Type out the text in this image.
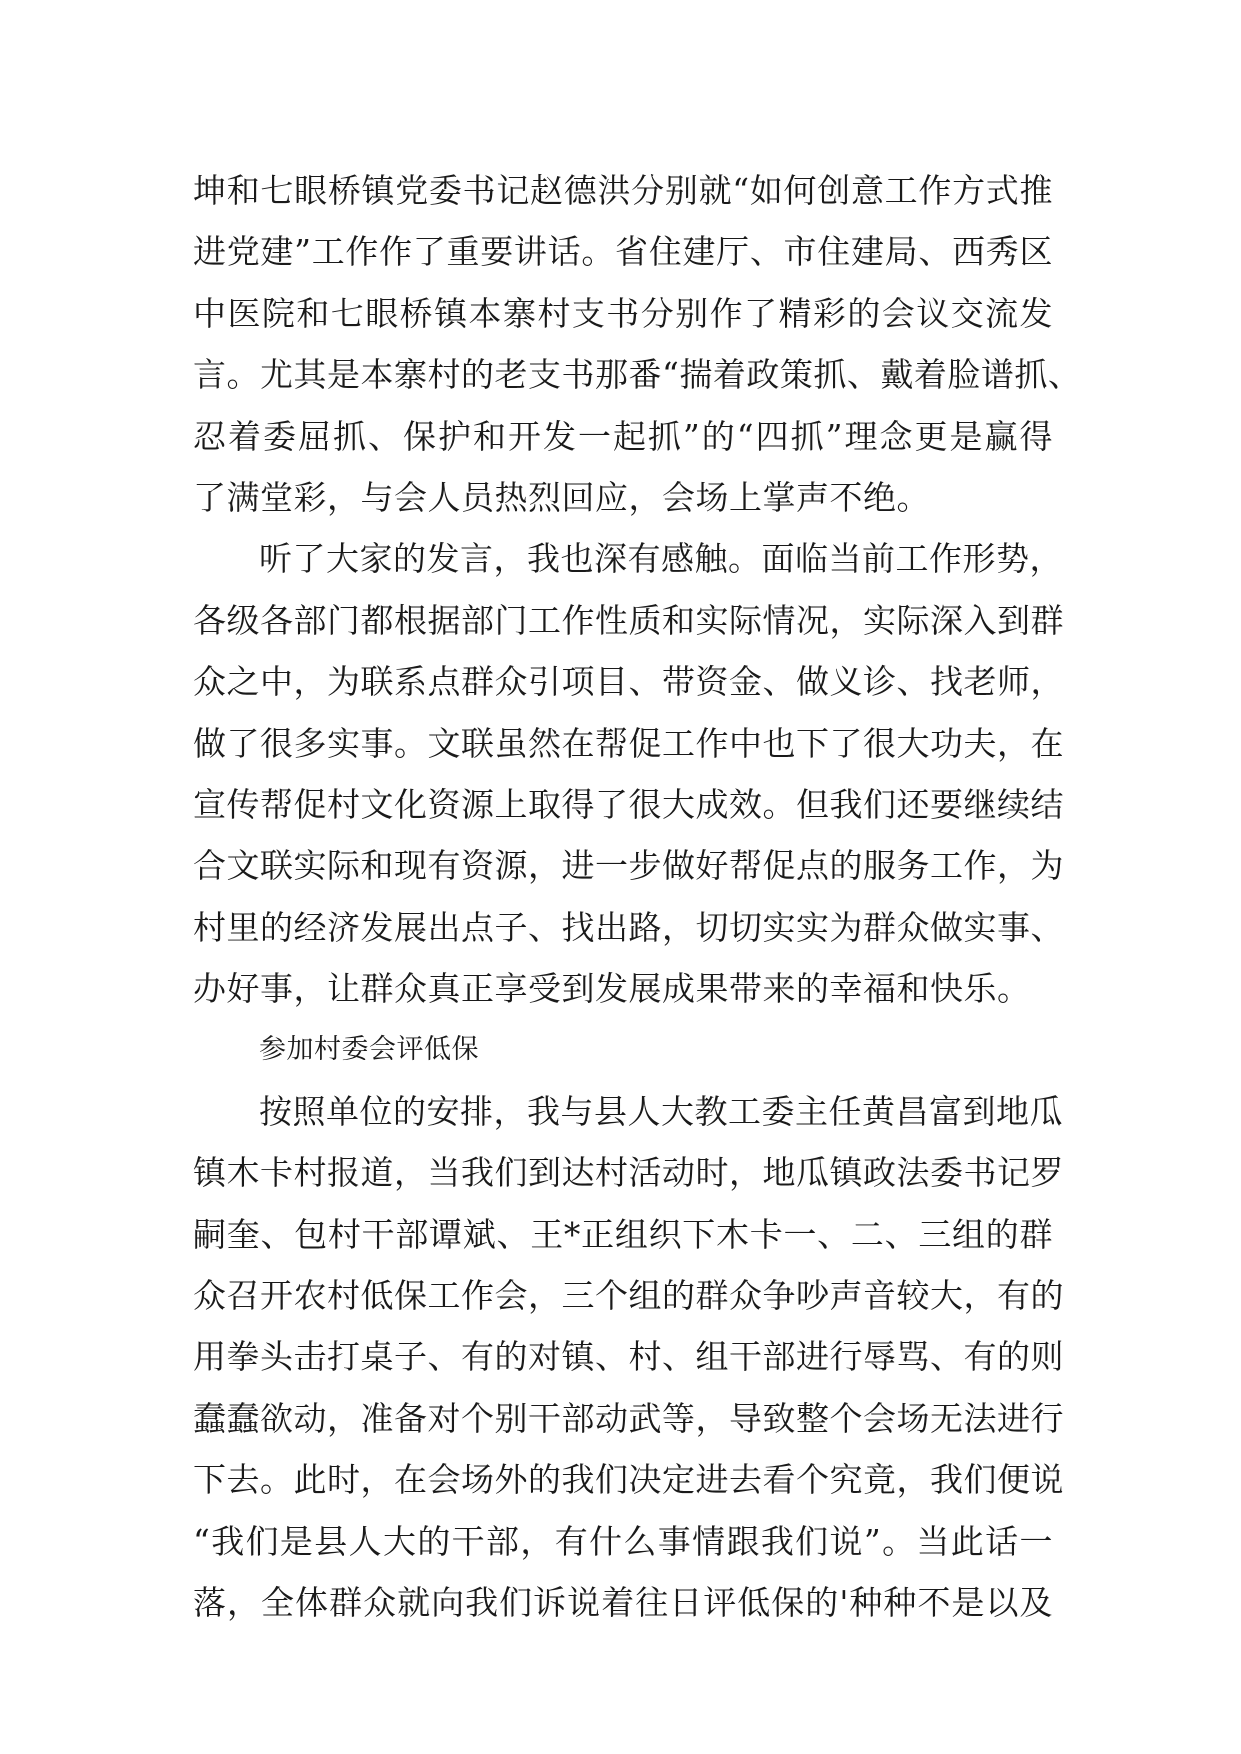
坤和七眼桥镇党委书记赵德洪分别就“如何创意工作方式推
进党建”工作作了重要讲话。省住建厅、市住建局、西秀区
中医院和七眼桥镇本寨村支书分别作了精彩的会议交流发
言。尤其是本寨村的老支书那番“揣着政策抓、戴着脸谱抓、
忍着委屈抓、保护和开发一起抓”的“四抓”理念更是赢得
了满堂彩，与会人员热烈回应，会场上掌声不绝。
听了大家的发言，我也深有感触。面临当前工作形势，
各级各部门都根据部门工作性质和实际情况，实际深入到群
众之中，为联系点群众引项目、带资金、做义诊、找老师，
做了很多实事。文联虽然在帮促工作中也下了很大功夫，在
宣传帮促村文化资源上取得了很大成效。但我们还要继续结
合文联实际和现有资源，进一步做好帮促点的服务工作，为
村里的经济发展出点子、找出路，切切实实为群众做实事、
办好事，让群众真正享受到发展成果带来的幸福和快乐。
参加村委会评低保
按照单位的安排，我与县人大教工委主任黄昌富到地瓜
镇木卡村报道，当我们到达村活动时，地瓜镇政法委书记罗
嗣奎、包村干部谭斌、王*正组织下木卡一、二、三组的群
众召开农村低保工作会，三个组的群众争吵声音较大，有的
用拳头击打桌子、有的对镇、村、组干部进行辱骂、有的则
蠢蠢欲动，准备对个别干部动武等，导致整个会场无法进行
下去。此时，在会场外的我们决定进去看个究竟，我们便说
“我们是县人大的干部，有什么事情跟我们说”。当此话一
落，全体群众就向我们诉说着往日评低保的'种种不是以及
